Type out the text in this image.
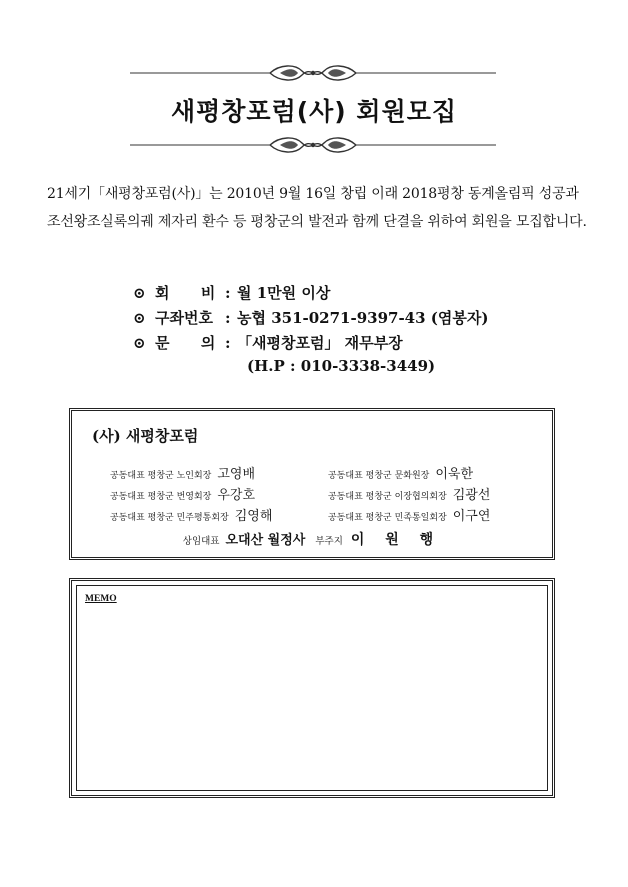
새평창포럼(사) 회원모집
21세기「새평창포럼(사)」는 2010년 9월 16일 창립 이래 2018평창 동계올림픽 성공과 조선왕조실록의궤 제자리 환수 등 평창군의 발전과 함께 단결을 위하여 회원을 모집합니다.
⊙ 회      비 : 월 1만원 이상
⊙ 구좌번호 : 농협 351-0271-9397-43 (염봉자)
⊙ 문      의 : 「새평창포럼」 재무부장
(H.P : 010-3338-3449)
(사) 새평창포럼
공동대표 평창군 노인회장 고영배	공동대표 평창군 문화원장 이욱한
공동대표 평창군 번영회장 우강호	공동대표 평창군 이장협의회장 김광선
공동대표 평창군 민주평통회장 김영해	공동대표 평창군 민족통일회장 이구연
상임대표 오대산 월정사 부주지 이 원 행
MEMO
